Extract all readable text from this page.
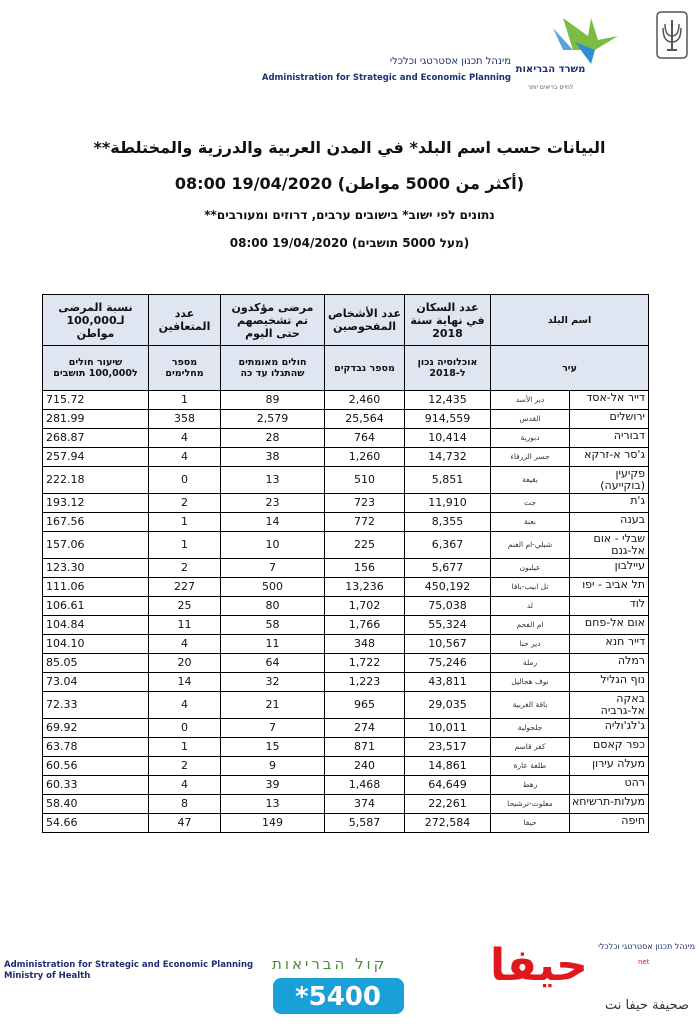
מינהל תכנון אסטרטגי וכלכלי
Administration for Strategic and Economic Planning
משרד הבריאות
לחיים בריאים יותר
البيانات حسب اسم البلد* في المدن العربية والدرزية والمختلطة**
(أكثر من 5000 مواطن) 19/04/2020 08:00
נתונים לפי ישוב* בישובים ערבים, דרוזים ומעורבים**
(מעל 5000 תושבים) 19/04/2020 08:00
اسم البلد	عدد السكان في نهاية سنة 2018	عدد الأشخاص المفحوصين	مرضى مؤكدون تم تشخيصهم حتى اليوم	عدد المتعافين	نسبة المرضى لـ100,000 مواطن
עיר	אוכלוסיה נכון ל-2018	מספר נבדקים	חולים מאומתים שהתגלו עד כה	מספר מחלימים	שיעור חולים ל100,000 תושבים

דייר אל-אסד
دير الأسد	12,435	2,460	89	1	715.72

ירושלים
القدس	914,559	25,564	2,579	358	281.99

דבוריה
دبورية	10,414	764	28	4	268.87

ג'סר א-זרקא
جسر الزرقاء	14,732	1,260	38	4	257.94

פקיעין (בוקייעה)
بقيعة	5,851	510	13	0	222.18

ג'ת
جت	11,910	723	23	2	193.12

בענה
بعنة	8,355	772	14	1	167.56

שבלי - אום אל-גנם
شبلي-ام الغنم	6,367	225	10	1	157.06

עיילבון
عيلبون	5,677	156	7	2	123.30

תל אביב - יפו
تل ابيب-يافا	450,192	13,236	500	227	111.06

לוד
لد	75,038	1,702	80	25	106.61

אום אל-פחם
ام الفحم	55,324	1,766	58	11	104.84

דייר חנא
دير حنا	10,567	348	11	4	104.10

רמלה
رملة	75,246	1,722	64	20	85.05

נוף הגליל
نوف هجاليل	43,811	1,223	32	14	73.04

באקה אל-גרביה
باقة الغربية	29,035	965	21	4	72.33

ג'לג'וליה
جلجولية	10,011	274	7	0	69.92

כפר קאסם
كفر قاسم	23,517	871	15	1	63.78

מעלה עירון
طلعة عارة	14,861	240	9	2	60.56

רהט
رهط	64,649	1,468	39	4	60.33

מעלות-תרשיחא
معلوت-ترشيحا	22,261	374	13	8	58.40

חיפה
حيفا	272,584	5,587	149	47	54.66
Administration for Strategic and Economic Planning
Ministry of Health
קול הבריאות
*5400
מינהל תכנון אסטרטגי וכלכלי
حيفا	net
صحيفة حيفا نت
